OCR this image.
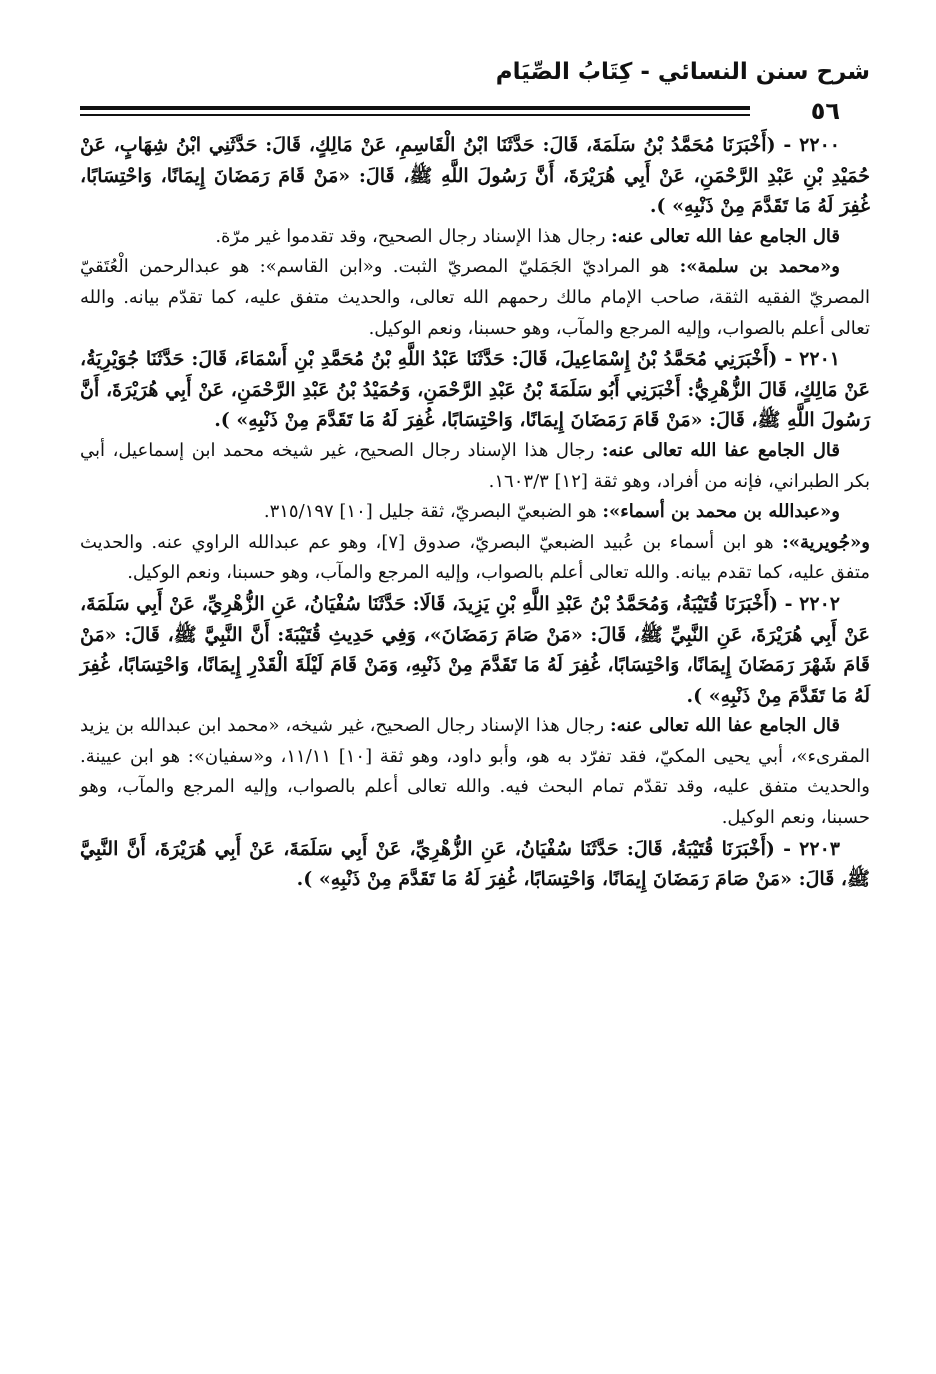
شرح سنن النسائي - كِتَابُ الصِّيَام
٥٦

٢٢٠٠ - (أَخْبَرَنَا مُحَمَّدُ بْنُ سَلَمَةَ، قَالَ: حَدَّثَنَا ابْنُ الْقَاسِمِ، عَنْ مَالِكٍ، قَالَ: حَدَّثَنِي ابْنُ شِهَابٍ، عَنْ حُمَيْدِ بْنِ عَبْدِ الرَّحْمَنِ، عَنْ أَبِي هُرَيْرَةَ، أَنَّ رَسُولَ اللَّهِ ﷺ، قَالَ: «مَنْ قَامَ رَمَضَانَ إِيمَانًا، وَاحْتِسَابًا، غُفِرَ لَهُ مَا تَقَدَّمَ مِنْ ذَنْبِهِ» ).

قال الجامع عفا الله تعالى عنه: رجال هذا الإسناد رجال الصحيح، وقد تقدموا غير مرّة.

و«محمد بن سلمة»: هو المراديّ الجَمَليّ المصريّ الثبت. و«ابن القاسم»: هو عبدالرحمن الْعُتَقيّ المصريّ الفقيه الثقة، صاحب الإمام مالك رحمهم الله تعالى، والحديث متفق عليه، كما تقدّم بيانه. والله تعالى أعلم بالصواب، وإليه المرجع والمآب، وهو حسبنا، ونعم الوكيل.

٢٢٠١ - (أَخْبَرَنِي مُحَمَّدُ بْنُ إِسْمَاعِيلَ، قَالَ: حَدَّثَنَا عَبْدُ اللَّهِ بْنُ مُحَمَّدِ بْنِ أَسْمَاءَ، قَالَ: حَدَّثَنَا جُوَيْرِيَةُ، عَنْ مَالِكٍ، قَالَ الزُّهْرِيُّ: أَخْبَرَنِي أَبُو سَلَمَةَ بْنُ عَبْدِ الرَّحْمَنِ، وَحُمَيْدُ بْنُ عَبْدِ الرَّحْمَنِ، عَنْ أَبِي هُرَيْرَةَ، أَنَّ رَسُولَ اللَّهِ ﷺ، قَالَ: «مَنْ قَامَ رَمَضَانَ إِيمَانًا، وَاحْتِسَابًا، غُفِرَ لَهُ مَا تَقَدَّمَ مِنْ ذَنْبِهِ» ).

قال الجامع عفا الله تعالى عنه: رجال هذا الإسناد رجال الصحيح، غير شيخه محمد ابن إسماعيل، أبي بكر الطبراني، فإنه من أفراد، وهو ثقة [١٢] ١٦٠٣/٣.

و«عبدالله بن محمد بن أسماء»: هو الضبعيّ البصريّ، ثقة جليل [١٠] ٣١٥/١٩٧.

و«جُويرية»: هو ابن أسماء بن عُبيد الضبعيّ البصريّ، صدوق [٧]، وهو عم عبدالله الراوي عنه. والحديث متفق عليه، كما تقدم بيانه. والله تعالى أعلم بالصواب، وإليه المرجع والمآب، وهو حسبنا، ونعم الوكيل.

٢٢٠٢ - (أَخْبَرَنَا قُتَيْبَةُ، وَمُحَمَّدُ بْنُ عَبْدِ اللَّهِ بْنِ يَزِيدَ، قَالَا: حَدَّثَنَا سُفْيَانُ، عَنِ الزُّهْرِيِّ، عَنْ أَبِي سَلَمَةَ، عَنْ أَبِي هُرَيْرَةَ، عَنِ النَّبِيِّ ﷺ، قَالَ: «مَنْ صَامَ رَمَضَانَ»، وَفِي حَدِيثِ قُتَيْبَةَ: أَنَّ النَّبِيَّ ﷺ، قَالَ: «مَنْ قَامَ شَهْرَ رَمَضَانَ إِيمَانًا، وَاحْتِسَابًا، غُفِرَ لَهُ مَا تَقَدَّمَ مِنْ ذَنْبِهِ، وَمَنْ قَامَ لَيْلَةَ الْقَدْرِ إِيمَانًا، وَاحْتِسَابًا، غُفِرَ لَهُ مَا تَقَدَّمَ مِنْ ذَنْبِهِ» ).

قال الجامع عفا الله تعالى عنه: رجال هذا الإسناد رجال الصحيح، غير شيخه، «محمد ابن عبدالله بن يزيد المقرىء»، أبي يحيى المكيّ، فقد تفرّد به هو، وأبو داود، وهو ثقة [١٠] ١١/١١، و«سفيان»: هو ابن عيينة. والحديث متفق عليه، وقد تقدّم تمام البحث فيه. والله تعالى أعلم بالصواب، وإليه المرجع والمآب، وهو حسبنا، ونعم الوكيل.

٢٢٠٣ - (أَخْبَرَنَا قُتَيْبَةُ، قَالَ: حَدَّثَنَا سُفْيَانُ، عَنِ الزُّهْرِيِّ، عَنْ أَبِي سَلَمَةَ، عَنْ أَبِي هُرَيْرَةَ، أَنَّ النَّبِيَّ ﷺ، قَالَ: «مَنْ صَامَ رَمَضَانَ إِيمَانًا، وَاحْتِسَابًا، غُفِرَ لَهُ مَا تَقَدَّمَ مِنْ ذَنْبِهِ» ).
